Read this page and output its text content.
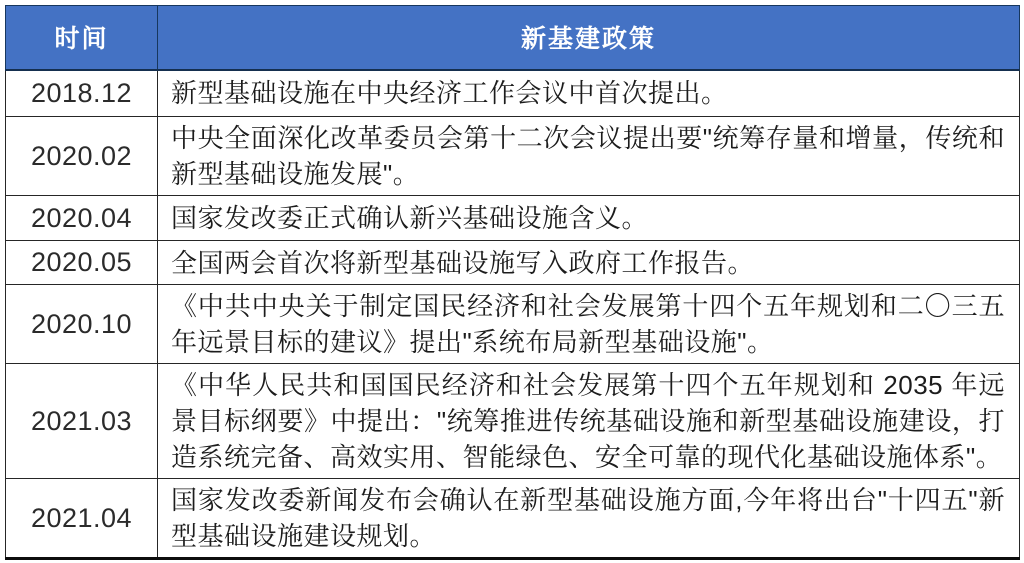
时间	新基建政策
2018.12	新型基础设施在中央经济工作会议中首次提出。
2020.02	中央全面深化改革委员会第十二次会议提出要"统筹存量和增量，传统和新型基础设施发展"。
2020.04	国家发改委正式确认新兴基础设施含义。
2020.05	全国两会首次将新型基础设施写入政府工作报告。
2020.10	《中共中央关于制定国民经济和社会发展第十四个五年规划和二〇三五年远景目标的建议》提出"系统布局新型基础设施"。
2021.03	《中华人民共和国国民经济和社会发展第十四个五年规划和 2035 年远景目标纲要》中提出："统筹推进传统基础设施和新型基础设施建设，打造系统完备、高效实用、智能绿色、安全可靠的现代化基础设施体系"。
2021.04	国家发改委新闻发布会确认在新型基础设施方面,今年将出台"十四五"新型基础设施建设规划。
